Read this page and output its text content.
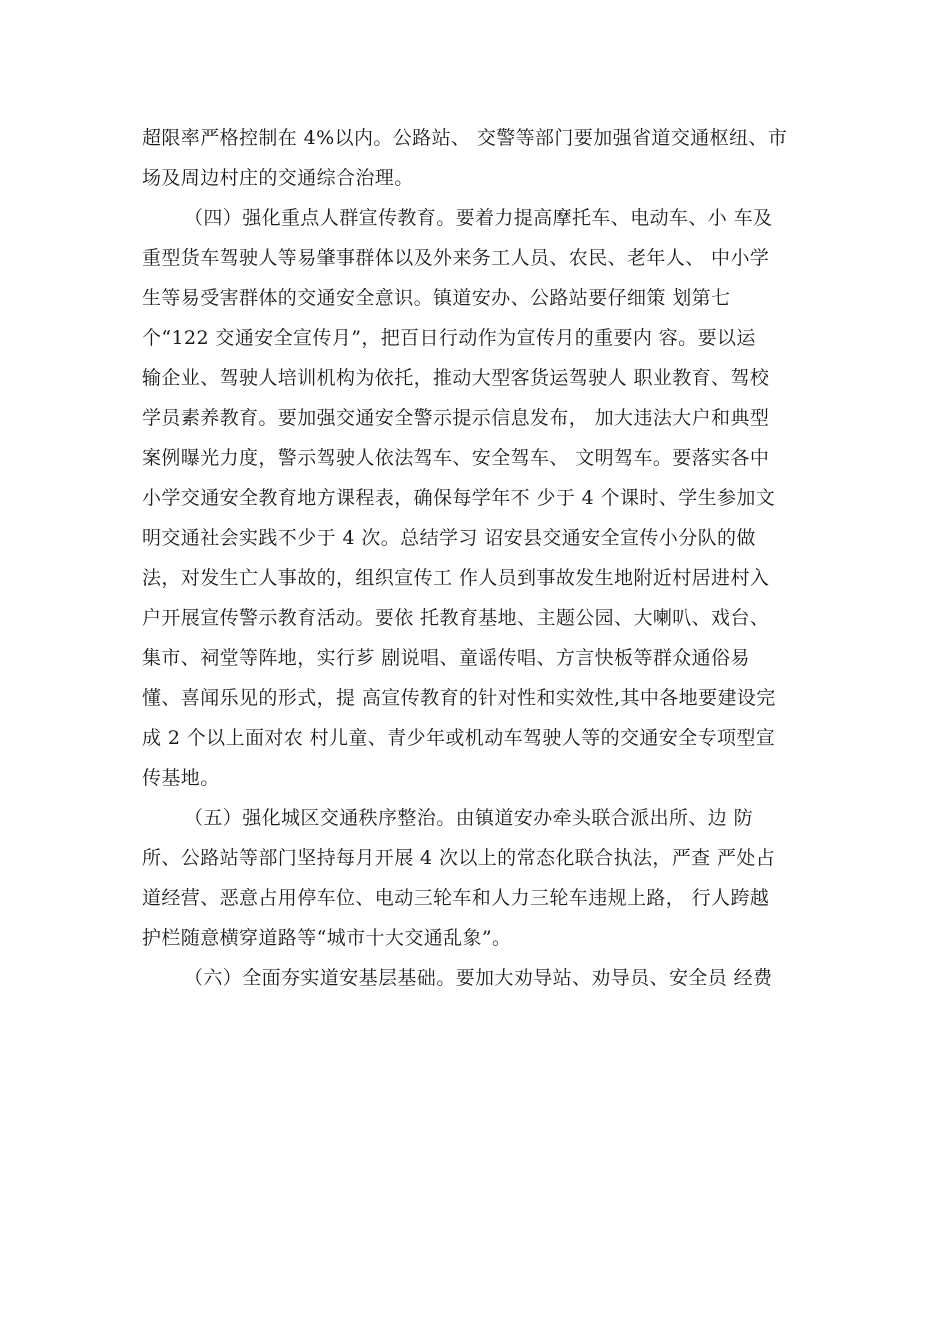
超限率严格控制在 4%以内。公路站、 交警等部门要加强省道交通枢纽、市
场及周边村庄的交通综合治理。
（四）强化重点人群宣传教育。要着力提高摩托车、电动车、小 车及
重型货车驾驶人等易肇事群体以及外来务工人员、农民、老年人、 中小学
生等易受害群体的交通安全意识。镇道安办、公路站要仔细策 划第七
个“122 交通安全宣传月”，把百日行动作为宣传月的重要内 容。要以运
输企业、驾驶人培训机构为依托，推动大型客货运驾驶人 职业教育、驾校
学员素养教育。要加强交通安全警示提示信息发布， 加大违法大户和典型
案例曝光力度，警示驾驶人依法驾车、安全驾车、 文明驾车。要落实各中
小学交通安全教育地方课程表，确保每学年不 少于 4 个课时、学生参加文
明交通社会实践不少于 4 次。总结学习 诏安县交通安全宣传小分队的做
法，对发生亡人事故的，组织宣传工 作人员到事故发生地附近村居进村入
户开展宣传警示教育活动。要依 托教育基地、主题公园、大喇叭、戏台、
集市、祠堂等阵地，实行芗 剧说唱、童谣传唱、方言快板等群众通俗易
懂、喜闻乐见的形式，提 高宣传教育的针对性和实效性,其中各地要建设完
成 2 个以上面对农 村儿童、青少年或机动车驾驶人等的交通安全专项型宣
传基地。
（五）强化城区交通秩序整治。由镇道安办牵头联合派出所、边 防
所、公路站等部门坚持每月开展 4 次以上的常态化联合执法，严查 严处占
道经营、恶意占用停车位、电动三轮车和人力三轮车违规上路， 行人跨越
护栏随意横穿道路等“城市十大交通乱象”。
（六）全面夯实道安基层基础。要加大劝导站、劝导员、安全员 经费
